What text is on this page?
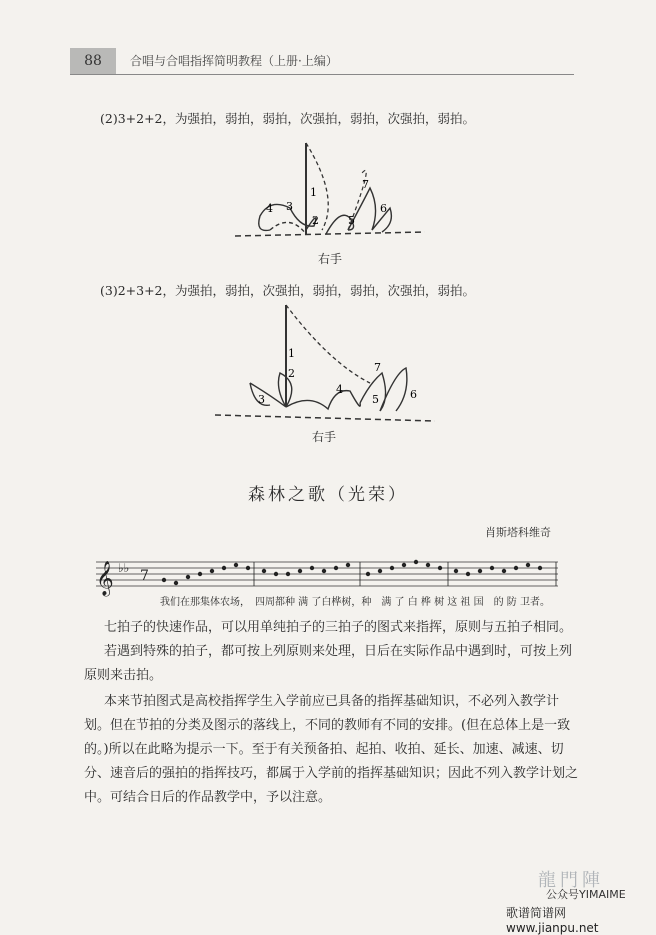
88	合唱与合唱指挥简明教程（上册·上编）
(2)3+2+2，为强拍，弱拍，弱拍，次强拍，弱拍，次强拍，弱拍。
1
2
3
4
5
6
7
右手
(3)2+3+2，为强拍，弱拍，次强拍，弱拍，弱拍，次强拍，弱拍。
1
2
3
4
5	6
7
右手
森林之歌（光荣）
肖斯塔科维奇
𝄞 ♭♭ 7
我们在那集体农场，　四周都种 满 了白桦树，种　满 了 白 桦 树 这 祖 国　的 防 卫者。
七拍子的快速作品，可以用单纯拍子的三拍子的图式来指挥，原则与五拍子相同。
若遇到特殊的拍子，都可按上列原则来处理，日后在实际作品中遇到时，可按上列原则来击拍。
本来节拍图式是高校指挥学生入学前应已具备的指挥基础知识，不必列入教学计划。但在节拍的分类及图示的落线上，不同的教师有不同的安排。(但在总体上是一致的。)所以在此略为提示一下。至于有关预备拍、起拍、收拍、延长、加速、减速、切分、速音后的强拍的指挥技巧，都属于入学前的指挥基础知识；因此不列入教学计划之中。可结合日后的作品教学中，予以注意。
龍門陣
公众号YIMAIME
歌谱简谱网 www.jianpu.net
